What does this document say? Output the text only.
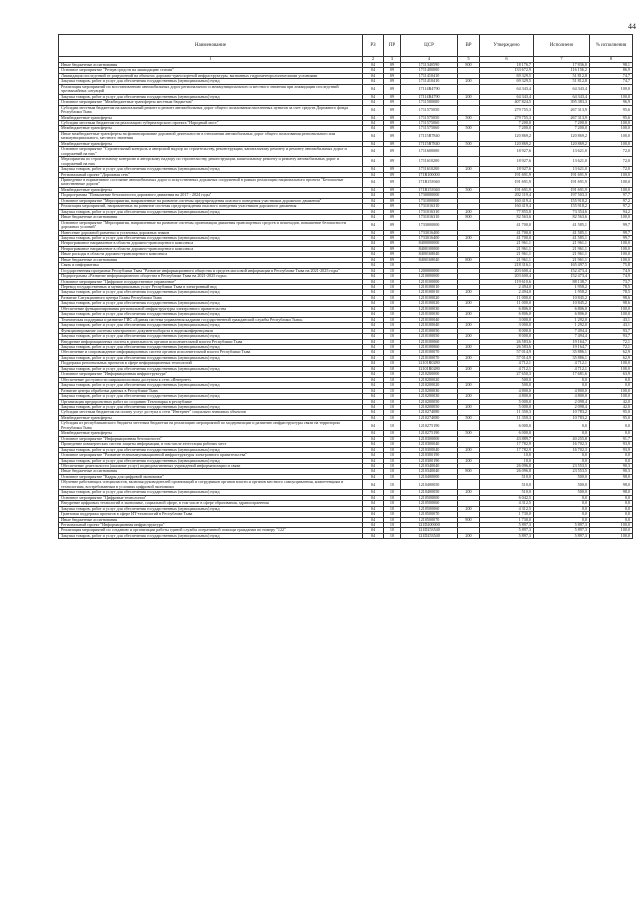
44
Наименование	РЗ	ПР	ЦСР	ВР	Утверждено	Исполнено	% исполнения
1	2	3	4	5	6	7	8
Иные бюджетные ассигнования	04	09	1711340590	800	18 176,7	17 836,0	98,1
Основное мероприятие "Резерв средств на ликвидацию стихии"	04	09	1711400000		133 672,9	116 156,2	86,9
Ликвидация последствий от разрушений на объектах дорожно-транспортной инфраструктуры, вызванных гидрометеорологическими условиями	04	09	1711410410		69 329,5	51 812,8	74,7
Закупка товаров, работ и услуг для обеспечения государственных (муниципальных) нужд	04	09	1711410410	200	69 329,5	51 812,8	74,7
Реализация мероприятий по восстановлению автомобильных дорог регионального и межмуниципального и местного значения при ликвидации последствий чрезвычайных ситуаций	04	09	17114R4790		64 343,4	64 343,4	100,0
Закупка товаров, работ и услуг для обеспечения государственных (муниципальных) нужд	04	09	17114R4790	200	64 343,4	64 343,4	100,0
Основное мероприятие "Межбюджетные трансферты местным бюджетам"	04	09	1711500000		407 824,5	395 383,3	96,9
Субсидии местным бюджетам на капитальный ремонт и ремонт автомобильных дорог общего пользования населенных пунктов за счет средств Дорожного фонда Республики Тыва	04	09	1711575050		279 755,3	267 313,9	95,6
Межбюджетные трансферты	04	09	1711575050	500	279 755,3	267 313,9	95,6
Субсидии местным бюджетам на реализацию губернаторского проекта "Народный мост"	04	09	1711575060		7 200,0	7 200,0	100,0
Межбюджетные трансферты	04	09	1711575060	500	7 200,0	7 200,0	100,0
Иные межбюджетные трансферты на финансирование дорожной деятельности в отношении автомобильных дорог общего пользования регионального или межмуниципального, местного значения	04	09	17115R7840		120 869,2	120 869,2	100,0
Межбюджетные трансферты	04	09	17115R7840	500	120 869,2	120 869,2	100,0
Основное мероприятие "Строительный контроль и авторский надзор по строительству, реконструкции, капитальному ремонту и ремонту автомобильных дорог и сооружений на них"	04	09	1711600000		18 927,6	13 621,0	72,0
Мероприятия по строительному контролю и авторскому надзору по строительству, реконструкции, капитальному ремонту и ремонту автомобильных дорог и сооружений на них	04	09	1711610200		18 927,6	13 621,0	72,0
Закупка товаров, работ и услуг для обеспечения государственных (муниципальных) нужд	04	09	1711610200	200	18 927,6	13 621,0	72,0
Региональный проект "Дорожная сеть"	04	09	171R100000		191 691,9	191 691,9	100,0
Приведение в нормативное состояние автомобильных дорог и искусственных дорожных сооружений в рамках реализации национального проекта "Безопасные качественные дороги"	04	09	171R153940		191 691,9	191 691,9	100,0
Межбюджетные трансферты	04	09	171R153940	500	191 691,9	191 691,9	100,0
Подпрограмма "Повышение безопасности дорожного движения на 2017 - 2024 годы"	04	09	1730000000		202 119,4	197 503,3	97,7
Основное мероприятие "Мероприятия, направленные на развитие системы предупреждения опасного поведения участников дорожного движения"	04	09	1731000000		160 419,4	155 918,2	97,2
Реализация мероприятий, направленных на развитие системы предупреждения опасного поведения участников дорожного движения	04	09	1731016310		160 419,4	155 918,2	97,2
Закупка товаров, работ и услуг для обеспечения государственных (муниципальных) нужд	04	09	1731016310	200	77 855,8	73 354,6	94,2
Иные бюджетные ассигнования	04	09	1731016310	800	82 563,6	82 563,6	100,0
Основное мероприятие "Мероприятия, направленные на развитие системы организации движения транспортных средств и пешеходов, повышение безопасности дорожных условий"	04	09	1733000000		41 700,0	41 585,1	99,7
Нанесение дорожной разметки и установка дорожных знаков	04	09	1733016400		41 700,0	41 585,1	99,7
Закупка товаров, работ и услуг для обеспечения государственных (муниципальных) нужд	04	09	1733016400	200	41 700,0	41 585,1	99,7
Непрограммное направление в области дорожно-транспортного комплекса	04	09	8400000000		21 961,1	21 961,1	100,0
Непрограммное направление в области дорожно-транспортного комплекса	04	09	8400100000		21 961,1	21 961,1	100,0
Иные расходы в области дорожно-транспортного комплекса	04	09	8400168040		21 961,1	21 961,1	100,0
Иные бюджетные ассигнования	04	09	8400168040	800	21 961,1	21 961,1	100,0
Связь и информатика	04	10			218 316,1	165 497,5	75,8
Государственная программа Республики Тыва "Развитие информационного общества и средств массовой информации в Республике Тыва на 2021-2025 годы"	04	10	1200000000		203 600,4	152 473,4	74,9
Подпрограмма «Развитие информационного общества в Республике Тыва на 2021-2025 годы»	04	10	1210000000		203 600,4	152 473,4	74,9
Основное мероприятие "Цифровое государственное управление"	04	10	1210100000		119 610,6	88 138,7	73,7
Перевод государственных и муниципальных услуг Республики Тыва в электронный вид	04	10	1210100010		2 494,0	1 958,2	78,5
Закупка товаров, работ и услуг для обеспечения государственных (муниципальных) нужд	04	10	1210100010	200	2 494,0	1 958,2	78,5
Развитие Ситуационного центра Главы Республики Тыва	04	10	1210100020		11 000,0	10 845,2	98,6
Закупка товаров, работ и услуг для обеспечения государственных (муниципальных) нужд	04	10	1210100020	200	11 000,0	10 845,2	98,6
Обеспечение функционирования региональной инфраструктуры электронного правительства	04	10	1210100030		6 806,0	6 806,0	100,0
Закупка товаров, работ и услуг для обеспечения государственных (муниципальных) нужд	04	10	1210100030	200	6 806,0	6 806,0	100,0
Техническая поддержка и развитие ГИС «Единая система управления кадрами государственной гражданской службы Республики Тыва»	04	10	1210100040		3 000,0	1 292,0	43,1
Закупка товаров, работ и услуг для обеспечения государственных (муниципальных) нужд	04	10	1210100040	200	3 000,0	1 292,0	43,1
Функционирование системы электронного документооборота и видеоконференцсвязи	04	10	1210100050		8 000,0	7 494,4	93,7
Закупка товаров, работ и услуг для обеспечения государственных (муниципальных) нужд	04	10	1210100050	200	8 000,0	7 494,4	93,7
Внедрение информационных систем в деятельность органов исполнительной власти Республики Тыва	04	10	1210100060		26 583,6	19 164,7	72,1
Закупка товаров, работ и услуг для обеспечения государственных (муниципальных) нужд	04	10	1210100060	200	26 583,6	19 164,7	72,1
Обеспечение и сопровождение информационных систем органов исполнительной власти Республики Тыва	04	10	1210100070		57 014,9	35 886,1	62,9
Закупка товаров, работ и услуг для обеспечения государственных (муниципальных) нужд	04	10	1210100070	200	57 014,9	35 886,1	62,9
Поддержка региональных проектов в сфере информационных технологий	04	10	12101R0280		4 712,1	4 712,1	100,0
Закупка товаров, работ и услуг для обеспечения государственных (муниципальных) нужд	04	10	12101R0280	200	4 712,1	4 712,1	100,0
Основное мероприятие "Информационная инфраструктура"	04	10	1210200000		27 650,3	17 681,6	63,9
Обеспечение доступности широкополосным доступом к сети «Интернет»	04	10	1210200020		500,0	0,0	0,0
Закупка товаров, работ и услуг для обеспечения государственных (муниципальных) нужд	04	10	1210200020	200	500,0	0,0	0,0
Развитие центра обработки данных в Республике Тыва	04	10	1210200030		4 800,0	4 800,0	100,0
Закупка товаров, работ и услуг для обеспечения государственных (муниципальных) нужд	04	10	1210200030	200	4 800,0	4 800,0	100,0
Организация предпроектных работ по созданию Технопарка в республике	04	10	1210200050		5 000,0	2 098,4	42,0
Закупка товаров, работ и услуг для обеспечения государственных (муниципальных) нужд	04	10	1210200050	200	5 000,0	2 098,4	42,0
Субсидии местным бюджетам на оплату услуг доступа к сети "Интернет" социально значимых объектов	04	10	1210274080		11 350,3	10 783,2	95,0
Межбюджетные трансферты	04	10	1210274080	500	11 350,3	10 783,2	95,0
Субсидия из республиканского бюджета местным бюджетам на реализацию мероприятий по модернизации и развитию инфраструктуры связи на территории Республики Тыва	04	10	1210275190		6 000,0	0,0	0,0
Межбюджетные трансферты	04	10	1210275190	500	6 000,0	0,0	0,0
Основное мероприятие "Информационная безопасность"	04	10	1210300000		43 889,7	40 255,8	91,7
Проведение коммерческих систем защиты информации, в том числе аттестация рабочих мест	04	10	1210300040		17 782,9	16 702,3	93,9
Закупка товаров, работ и услуг для обеспечения государственных (муниципальных) нужд	04	10	1210300040	200	17 782,9	16 702,3	93,9
Основное мероприятие "Развитие телекоммуникационной инфраструктуры электронного правительства"	04	10	1210300190		10,0	0,0	0,0
Закупка товаров, работ и услуг для обеспечения государственных (муниципальных) нужд	04	10	1210300190	200	10,0	0,0	0,0
Обеспечение деятельности (оказание услуг) подведомственных учреждений информатизации и связи	04	10	1210340040		26 096,8	23 553,5	90,3
Иные бюджетные ассигнования	04	10	1210340040	800	26 096,8	23 553,5	90,3
Основное мероприятие "Кадры для цифровой экономики"	04	10	1210400000		510,0	500,0	98,0
Обучение работающих специалистов, включая руководителей организаций и сотрудников органов власти и органов местного самоуправления, компетенциям и технологиям, востребованным в условиях цифровой экономики	04	10	1210400050		510,0	500,0	98,0
Закупка товаров, работ и услуг для обеспечения государственных (муниципальных) нужд	04	10	1210400050	200	510,0	500,0	98,0
Основное мероприятие "Цифровые технологии"	04	10	1210500000		6 042,5	0,0	0,0
Внедрение цифровых технологий в экономике, социальной сфере, в том числе в сфере образования, здравоохранения	04	10	1210500060		4 312,5	0,0	0,0
Закупка товаров, работ и услуг для обеспечения государственных (муниципальных) нужд	04	10	1210500060	200	4 312,5	0,0	0,0
Грантовая поддержка проектов в сфере ИТ-технологий в Республике Тыва	04	10	1210500070		1 730,0	0,0	0,0
Иные бюджетные ассигнования	04	10	1210500070	800	1 730,0	0,0	0,0
Региональный проект "Информационная инфраструктура"	04	10	121D200000		5 897,3	5 897,3	100,0
Реализация мероприятий по созданию и организации работы единой службы оперативной помощи гражданам по номеру "122"	04	10	121D253540		5 897,3	5 897,3	100,0
Закупка товаров, работ и услуг для обеспечения государственных (муниципальных) нужд	04	10	121D253540	200	5 897,3	5 897,3	100,0
